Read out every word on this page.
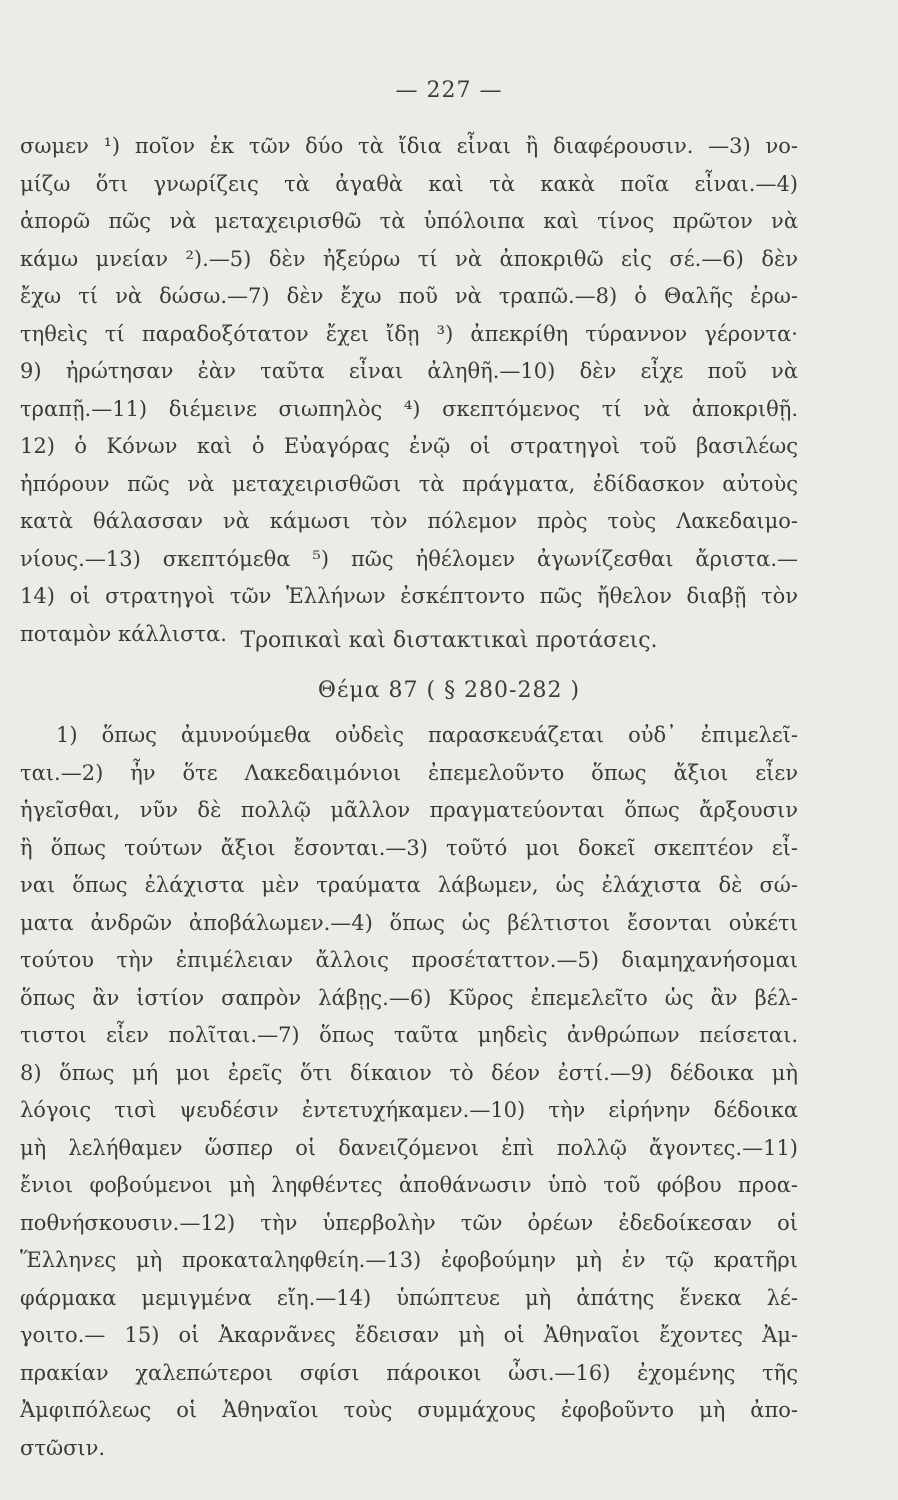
— 227 —
σωμεν ¹) ποῖον ἐκ τῶν δύο τὰ ἴδια εἶναι ἢ διαφέρουσιν. —3) νο-
μίζω ὅτι γνωρίζεις τὰ ἀγαθὰ καὶ τὰ κακὰ ποῖα εἶναι.—4)
ἀπορῶ πῶς νὰ μεταχειρισθῶ τὰ ὑπόλοιπα καὶ τίνος πρῶτον νὰ
κάμω μνείαν ²).—5) δὲν ἠξεύρω τί νὰ ἀποκριθῶ εἰς σέ.—6) δὲν
ἔχω τί νὰ δώσω.—7) δὲν ἔχω ποῦ νὰ τραπῶ.—8) ὁ Θαλῆς ἐρω-
τηθεὶς τί παραδοξότατον ἔχει ἴδῃ ³) ἀπεκρίθη τύραννον γέροντα·
9) ἠρώτησαν ἐὰν ταῦτα εἶναι ἀληθῆ.—10) δὲν εἶχε ποῦ νὰ
τραπῇ.—11) διέμεινε σιωπηλὸς ⁴) σκεπτόμενος τί νὰ ἀποκριθῇ.
12) ὁ Κόνων καὶ ὁ Εὐαγόρας ἐνῷ οἱ στρατηγοὶ τοῦ βασιλέως
ἠπόρουν πῶς νὰ μεταχειρισθῶσι τὰ πράγματα, ἐδίδασκον αὐτοὺς
κατὰ θάλασσαν νὰ κάμωσι τὸν πόλεμον πρὸς τοὺς Λακεδαιμο-
νίους.—13) σκεπτόμεθα ⁵) πῶς ἠθέλομεν ἀγωνίζεσθαι ἄριστα.—
14) οἱ στρατηγοὶ τῶν Ἑλλήνων ἐσκέπτοντο πῶς ἤθελον διαβῇ τὸν
ποταμὸν κάλλιστα. Τροπικαὶ καὶ διστακτικαὶ προτάσεις.
Θέμα 87 ( § 280-282 )
1) ὅπως ἀμυνούμεθα οὐδεὶς παρασκευάζεται οὐδ᾽ ἐπιμελεῖ-
ται.—2) ἦν ὅτε Λακεδαιμόνιοι ἐπεμελοῦντο ὅπως ἄξιοι εἶεν
ἡγεῖσθαι, νῦν δὲ πολλῷ μᾶλλον πραγματεύονται ὅπως ἄρξουσιν
ἢ ὅπως τούτων ἄξιοι ἔσονται.—3) τοῦτό μοι δοκεῖ σκεπτέον εἶ-
ναι ὅπως ἐλάχιστα μὲν τραύματα λάβωμεν, ὡς ἐλάχιστα δὲ σώ-
ματα ἀνδρῶν ἀποβάλωμεν.—4) ὅπως ὡς βέλτιστοι ἔσονται οὐκέτι
τούτου τὴν ἐπιμέλειαν ἄλλοις προσέταττον.—5) διαμηχανήσομαι
ὅπως ἂν ἱστίον σαπρὸν λάβῃς.—6) Κῦρος ἐπεμελεῖτο ὡς ἂν βέλ-
τιστοι εἶεν πολῖται.—7) ὅπως ταῦτα μηδεὶς ἀνθρώπων πείσεται.
8) ὅπως μή μοι ἐρεῖς ὅτι δίκαιον τὸ δέον ἐστί.—9) δέδοικα μὴ
λόγοις τισὶ ψευδέσιν ἐντετυχήκαμεν.—10) τὴν εἰρήνην δέδοικα
μὴ λελήθαμεν ὥσπερ οἱ δανειζόμενοι ἐπὶ πολλῷ ἄγοντες.—11)
ἔνιοι φοβούμενοι μὴ ληφθέντες ἀποθάνωσιν ὑπὸ τοῦ φόβου προα-
ποθνήσκουσιν.—12) τὴν ὑπερβολὴν τῶν ὀρέων ἐδεδοίκεσαν οἱ
Ἕλληνες μὴ προκαταληφθείη.—13) ἐφοβούμην μὴ ἐν τῷ κρατῆρι
φάρμακα μεμιγμένα εἴη.—14) ὑπώπτευε μὴ ἀπάτης ἕνεκα λέ-
γοιτο.— 15) οἱ Ἀκαρνᾶνες ἔδεισαν μὴ οἱ Ἀθηναῖοι ἔχοντες Ἀμ-
πρακίαν χαλεπώτεροι σφίσι πάροικοι ὦσι.—16) ἐχομένης τῆς
Ἀμφιπόλεως οἱ Ἀθηναῖοι τοὺς συμμάχους ἐφοβοῦντο μὴ ἀπο-
στῶσιν.
